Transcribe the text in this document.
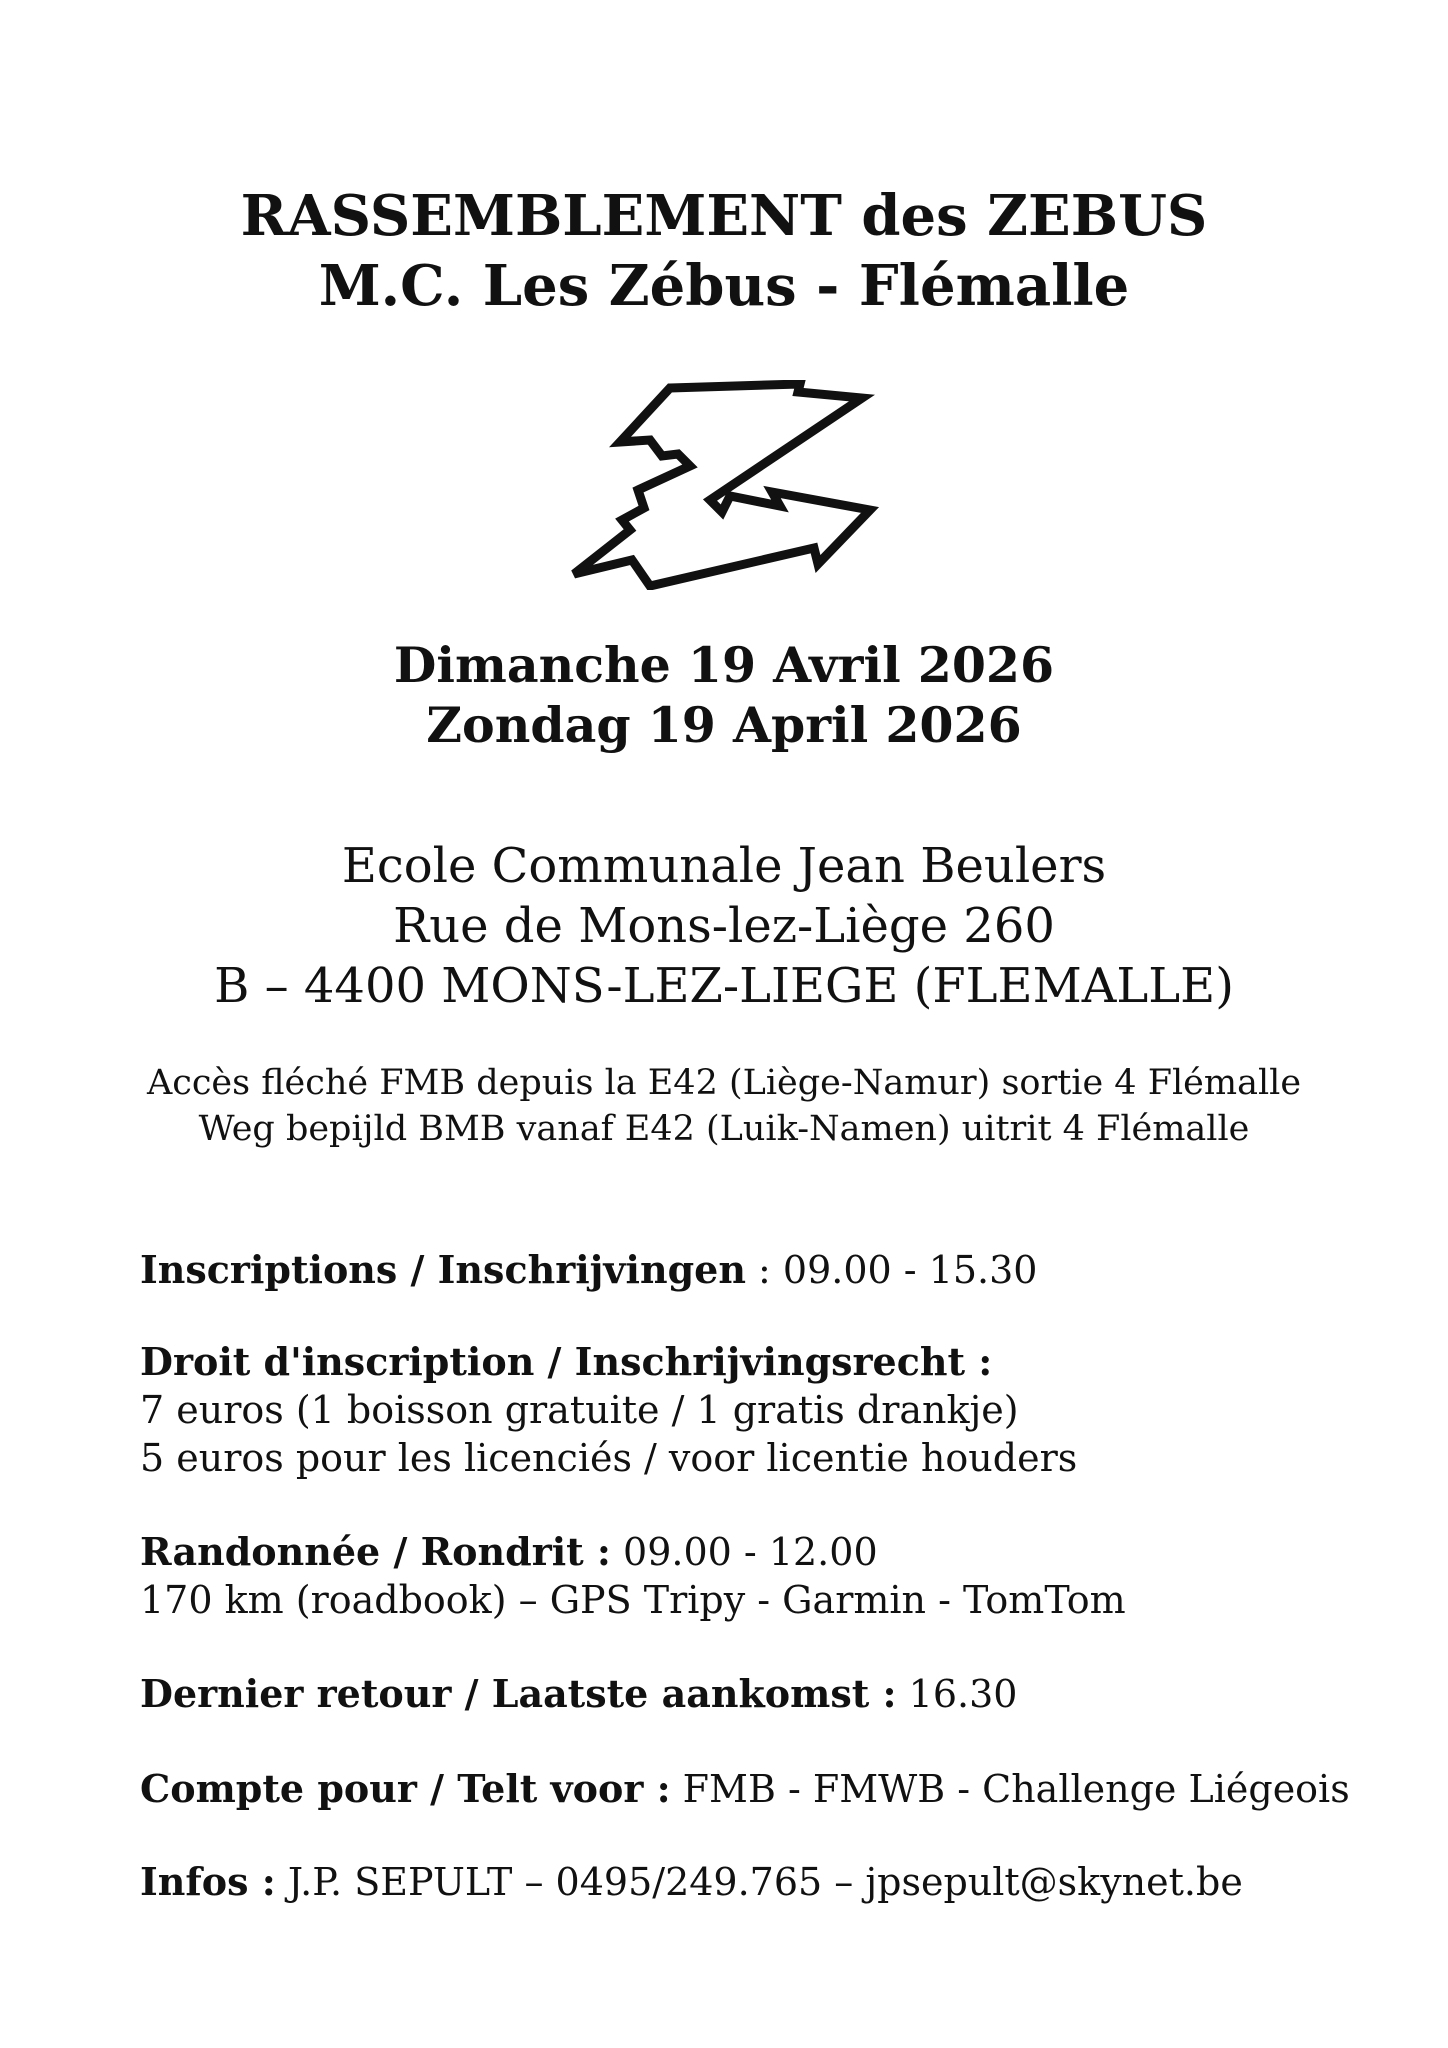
RASSEMBLEMENT des ZEBUS
M.C. Les Zébus - Flémalle
Dimanche 19 Avril 2026
Zondag 19 April 2026
Ecole Communale Jean Beulers
Rue de Mons-lez-Liège 260
B – 4400 MONS-LEZ-LIEGE (FLEMALLE)
Accès fléché FMB depuis la E42 (Liège-Namur) sortie 4 Flémalle
Weg bepijld BMB vanaf E42 (Luik-Namen) uitrit 4 Flémalle
Inscriptions / Inschrijvingen : 09.00 - 15.30
Droit d'inscription / Inschrijvingsrecht :
7 euros (1 boisson gratuite / 1 gratis drankje)
5 euros pour les licenciés / voor licentie houders
Randonnée / Rondrit : 09.00 - 12.00
170 km (roadbook) – GPS Tripy - Garmin - TomTom
Dernier retour / Laatste aankomst : 16.30
Compte pour / Telt voor : FMB - FMWB - Challenge Liégeois
Infos : J.P. SEPULT – 0495/249.765 – jpsepult@skynet.be
